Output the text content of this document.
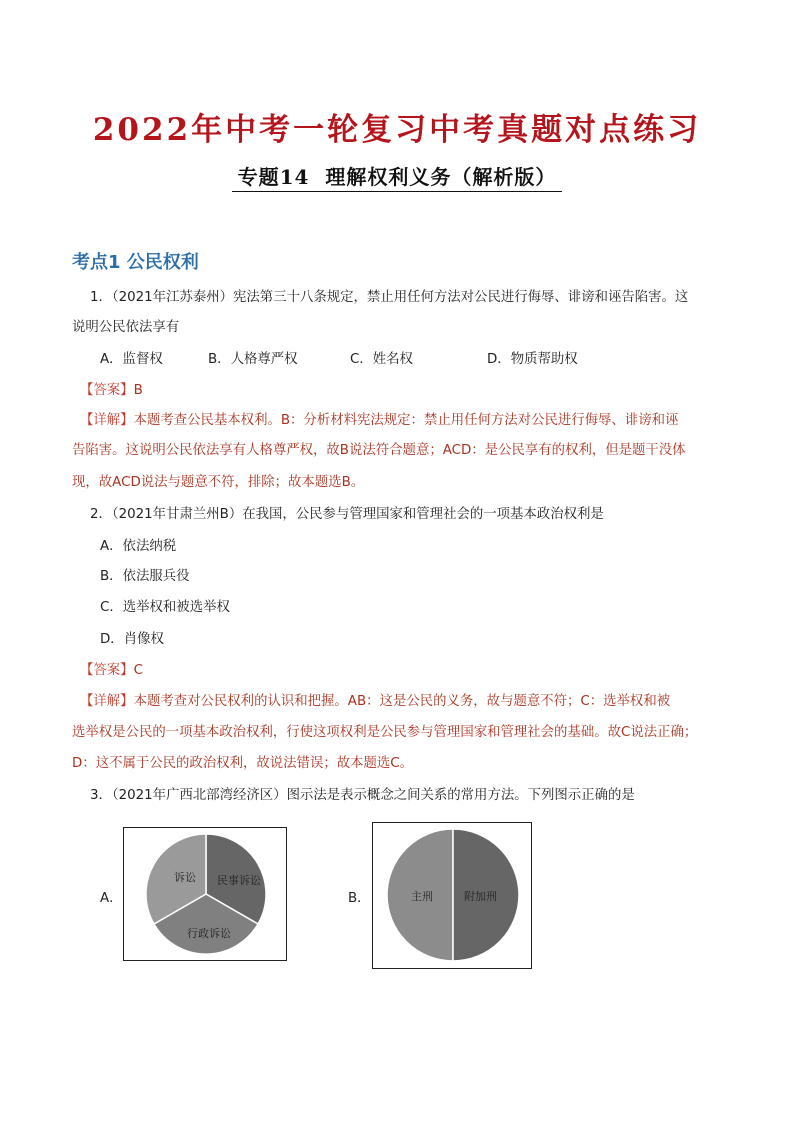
2022年中考一轮复习中考真题对点练习
专题14  理解权利义务（解析版）
考点1 公民权利
1．（2021年江苏泰州）宪法第三十八条规定，禁止用任何方法对公民进行侮辱、诽谤和诬告陷害。这
说明公民依法享有
A．监督权	B．人格尊严权	C．姓名权	D．物质帮助权
【答案】B
【详解】本题考查公民基本权利。B：分析材料宪法规定：禁止用任何方法对公民进行侮辱、诽谤和诬
告陷害。这说明公民依法享有人格尊严权，故B说法符合题意；ACD：是公民享有的权利，但是题干没体
现，故ACD说法与题意不符，排除；故本题选B。
2．（2021年甘肃兰州B）在我国，公民参与管理国家和管理社会的一项基本政治权利是
A．依法纳税
B．依法服兵役
C．选举权和被选举权
D．肖像权
【答案】C
【详解】本题考查对公民权利的认识和把握。AB：这是公民的义务，故与题意不符；C：选举权和被
选举权是公民的一项基本政治权利，行使这项权利是公民参与管理国家和管理社会的基础。故C说法正确；
D：这不属于公民的政治权利，故说法错误；故本题选C。
3．（2021年广西北部湾经济区）图示法是表示概念之间关系的常用方法。下列图示正确的是
A．
诉讼 民事诉讼
行政诉讼
B．	主刑	附加刑
